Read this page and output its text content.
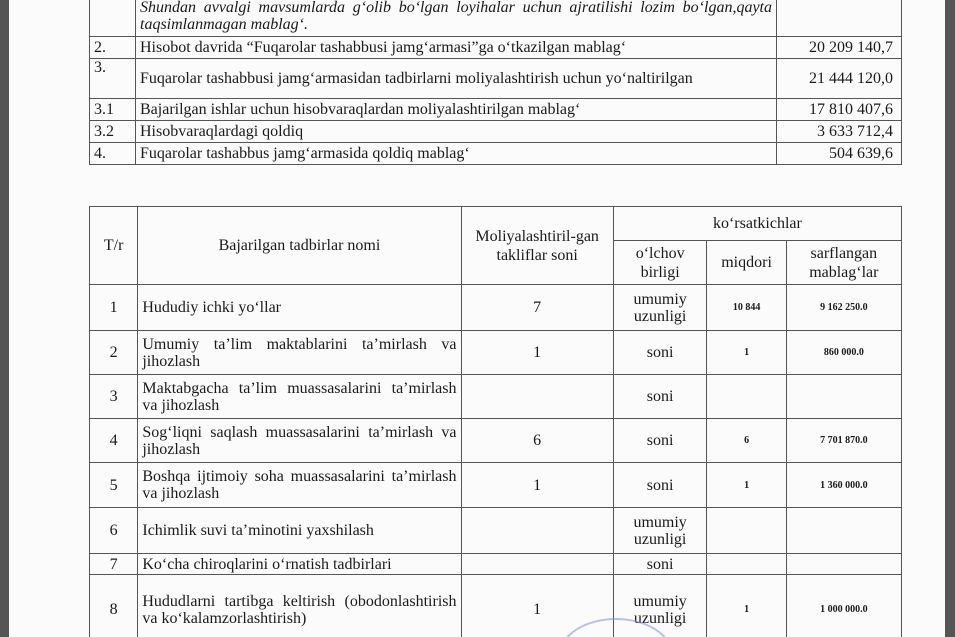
	Shundan avvalgi mavsumlarda g‘olib bo‘lgan loyihalar uchun ajratilishi lozim bo‘lgan,qayta taqsimlanmagan mablag‘.	
2.	Hisobot davrida “Fuqarolar tashabbusi jamg‘armasi”ga o‘tkazilgan mablag‘	20 209 140,7
3.	Fuqarolar tashabbusi jamg‘armasidan tadbirlarni moliyalashtirish uchun yo‘naltirilgan	21 444 120,0
3.1	Bajarilgan ishlar uchun hisobvaraqlardan moliyalashtirilgan mablag‘	17 810 407,6
3.2	Hisobvaraqlardagi qoldiq	3 633 712,4
4.	Fuqarolar tashabbus jamg‘armasida qoldiq mablag‘	504 639,6
T/r	Bajarilgan tadbirlar nomi	Moliyalashtiril-gan takliflar soni	ko‘rsatkichlar		
			o‘lchov birligi	miqdori	sarflangan mablag‘lar
1	Hududiy ichki yo‘llar	7	umumiy uzunligi	10 844	9 162 250.0
2	Umumiy ta’lim maktablarini ta’mirlash va jihozlash	1	soni	1	860 000.0
3	Maktabgacha ta’lim muassasalarini ta’mirlash va jihozlash		soni		
4	Sog‘liqni saqlash muassasalarini ta’mirlash va jihozlash	6	soni	6	7 701 870.0
5	Boshqa ijtimoiy soha muassasalarini ta’mirlash va jihozlash	1	soni	1	1 360 000.0
6	Ichimlik suvi ta’minotini yaxshilash		umumiy uzunligi		
7	Ko‘cha chiroqlarini o‘rnatish tadbirlari		soni		
8	Hududlarni tartibga keltirish (obodonlashtirish va ko‘kalamzorlashtirish)	1	umumiy uzunligi	1	1 000 000.0
